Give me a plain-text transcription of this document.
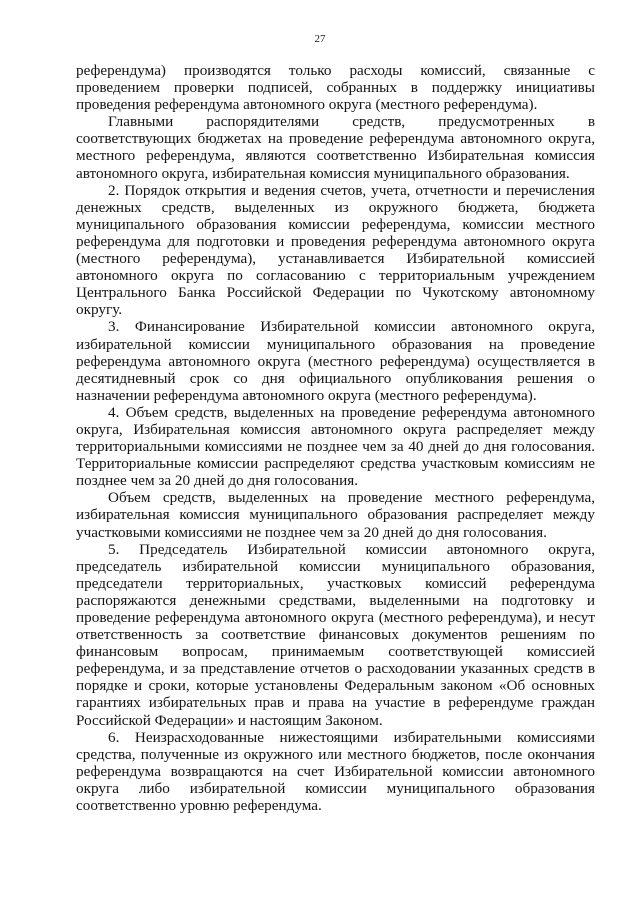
27

референдума) производятся только расходы комиссий, связанные с проведением проверки подписей, собранных в поддержку инициативы проведения референдума автономного округа (местного референдума).

Главными распорядителями средств, предусмотренных в соответствующих бюджетах на проведение референдума автономного округа, местного референдума, являются соответственно Избирательная комиссия автономного округа, избирательная комиссия муниципального образования.

2. Порядок открытия и ведения счетов, учета, отчетности и перечисления денежных средств, выделенных из окружного бюджета, бюджета муниципального образования комиссии референдума, комиссии местного референдума для подготовки и проведения референдума автономного округа (местного референдума), устанавливается Избирательной комиссией автономного округа по согласованию с территориальным учреждением Центрального Банка Российской Федерации по Чукотскому автономному округу.

3. Финансирование Избирательной комиссии автономного округа, избирательной комиссии муниципального образования на проведение референдума автономного округа (местного референдума) осуществляется в десятидневный срок со дня официального опубликования решения о назначении референдума автономного округа (местного референдума).

4. Объем средств, выделенных на проведение референдума автономного округа, Избирательная комиссия автономного округа распределяет между территориальными комиссиями не позднее чем за 40 дней до дня голосования. Территориальные комиссии распределяют средства участковым комиссиям не позднее чем за 20 дней до дня голосования.

Объем средств, выделенных на проведение местного референдума, избирательная комиссия муниципального образования распределяет между участковыми комиссиями не позднее чем за 20 дней до дня голосования.

5. Председатель Избирательной комиссии автономного округа, председатель избирательной комиссии муниципального образования, председатели территориальных, участковых комиссий референдума распоряжаются денежными средствами, выделенными на подготовку и проведение референдума автономного округа (местного референдума), и несут ответственность за соответствие финансовых документов решениям по финансовым вопросам, принимаемым соответствующей комиссией референдума, и за представление отчетов о расходовании указанных средств в порядке и сроки, которые установлены Федеральным законом «Об основных гарантиях избирательных прав и права на участие в референдуме граждан Российской Федерации» и настоящим Законом.

6. Неизрасходованные нижестоящими избирательными комиссиями средства, полученные из окружного или местного бюджетов, после окончания референдума возвращаются на счет Избирательной комиссии автономного округа либо избирательной комиссии муниципального образования соответственно уровню референдума.
